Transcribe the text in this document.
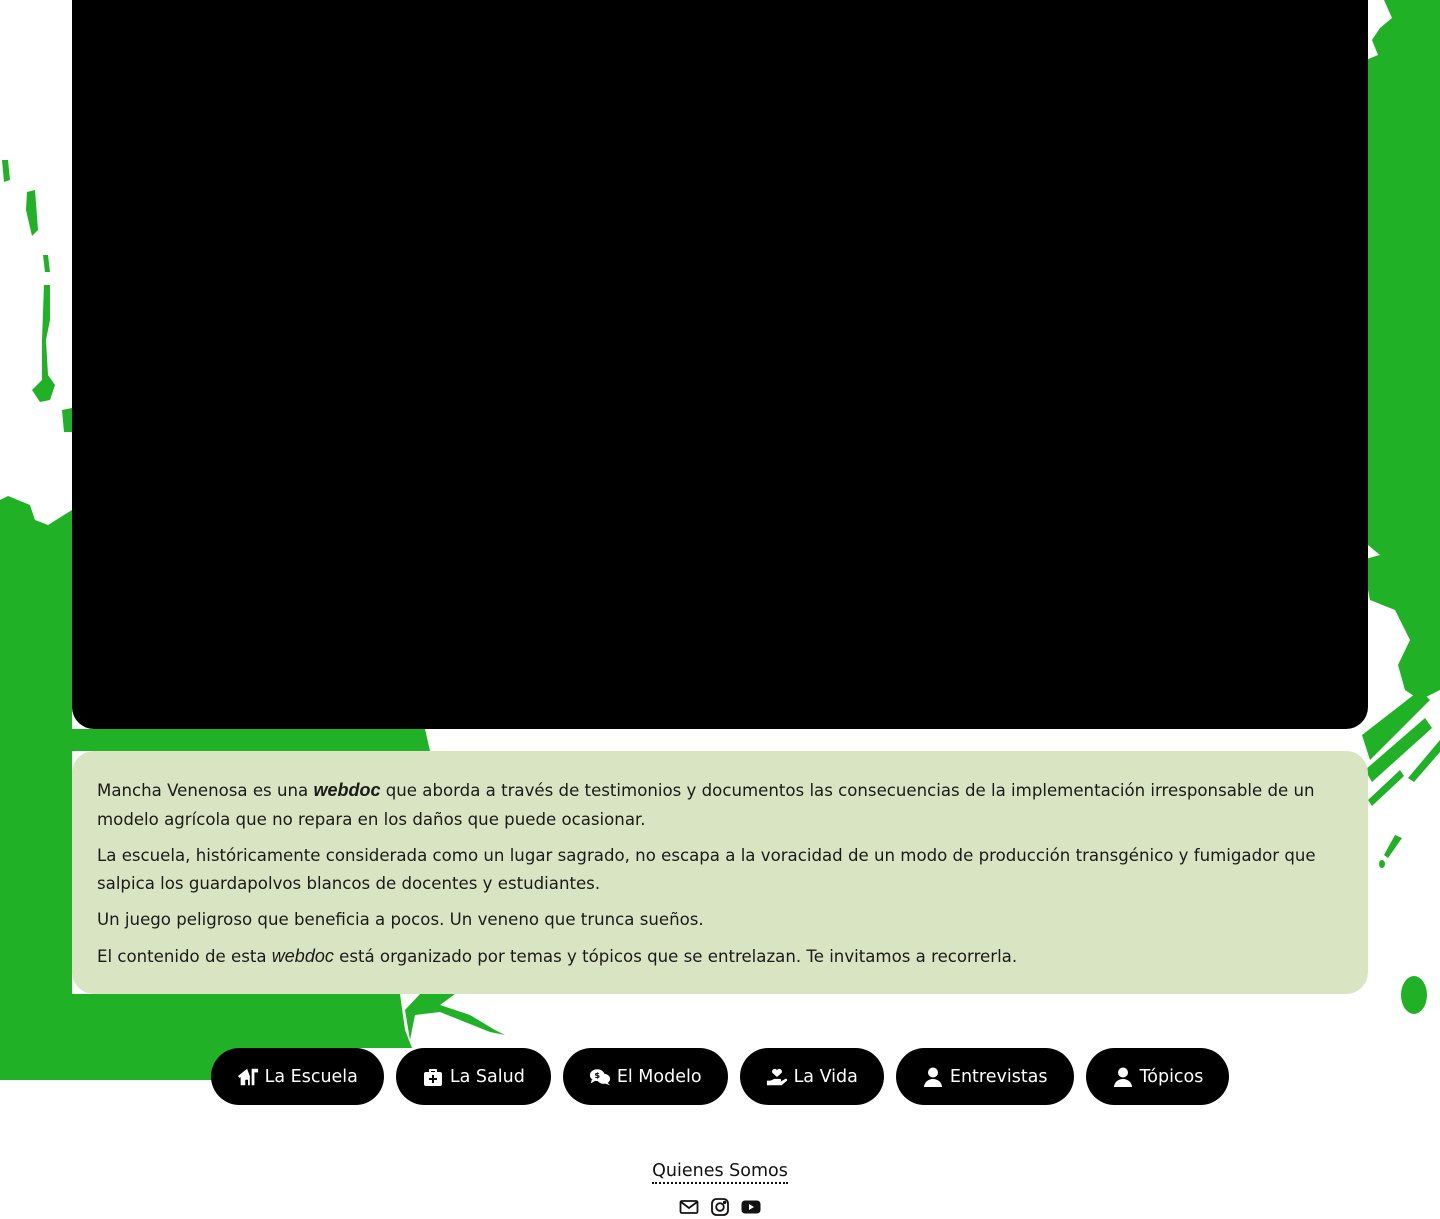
Mancha Venenosa es una webdoc que aborda a través de testimonios y documentos las consecuencias de la implementación irresponsable de un modelo agrícola que no repara en los daños que puede ocasionar.

La escuela, históricamente considerada como un lugar sagrado, no escapa a la voracidad de un modo de producción transgénico y fumigador que salpica los guardapolvos blancos de docentes y estudiantes.

Un juego peligroso que beneficia a pocos. Un veneno que trunca sueños.

El contenido de esta webdoc está organizado por temas y tópicos que se entrelazan. Te invitamos a recorrerla.

La Escuela	La Salud	$ El Modelo	La Vida	Entrevistas	Tópicos
Quienes Somos
